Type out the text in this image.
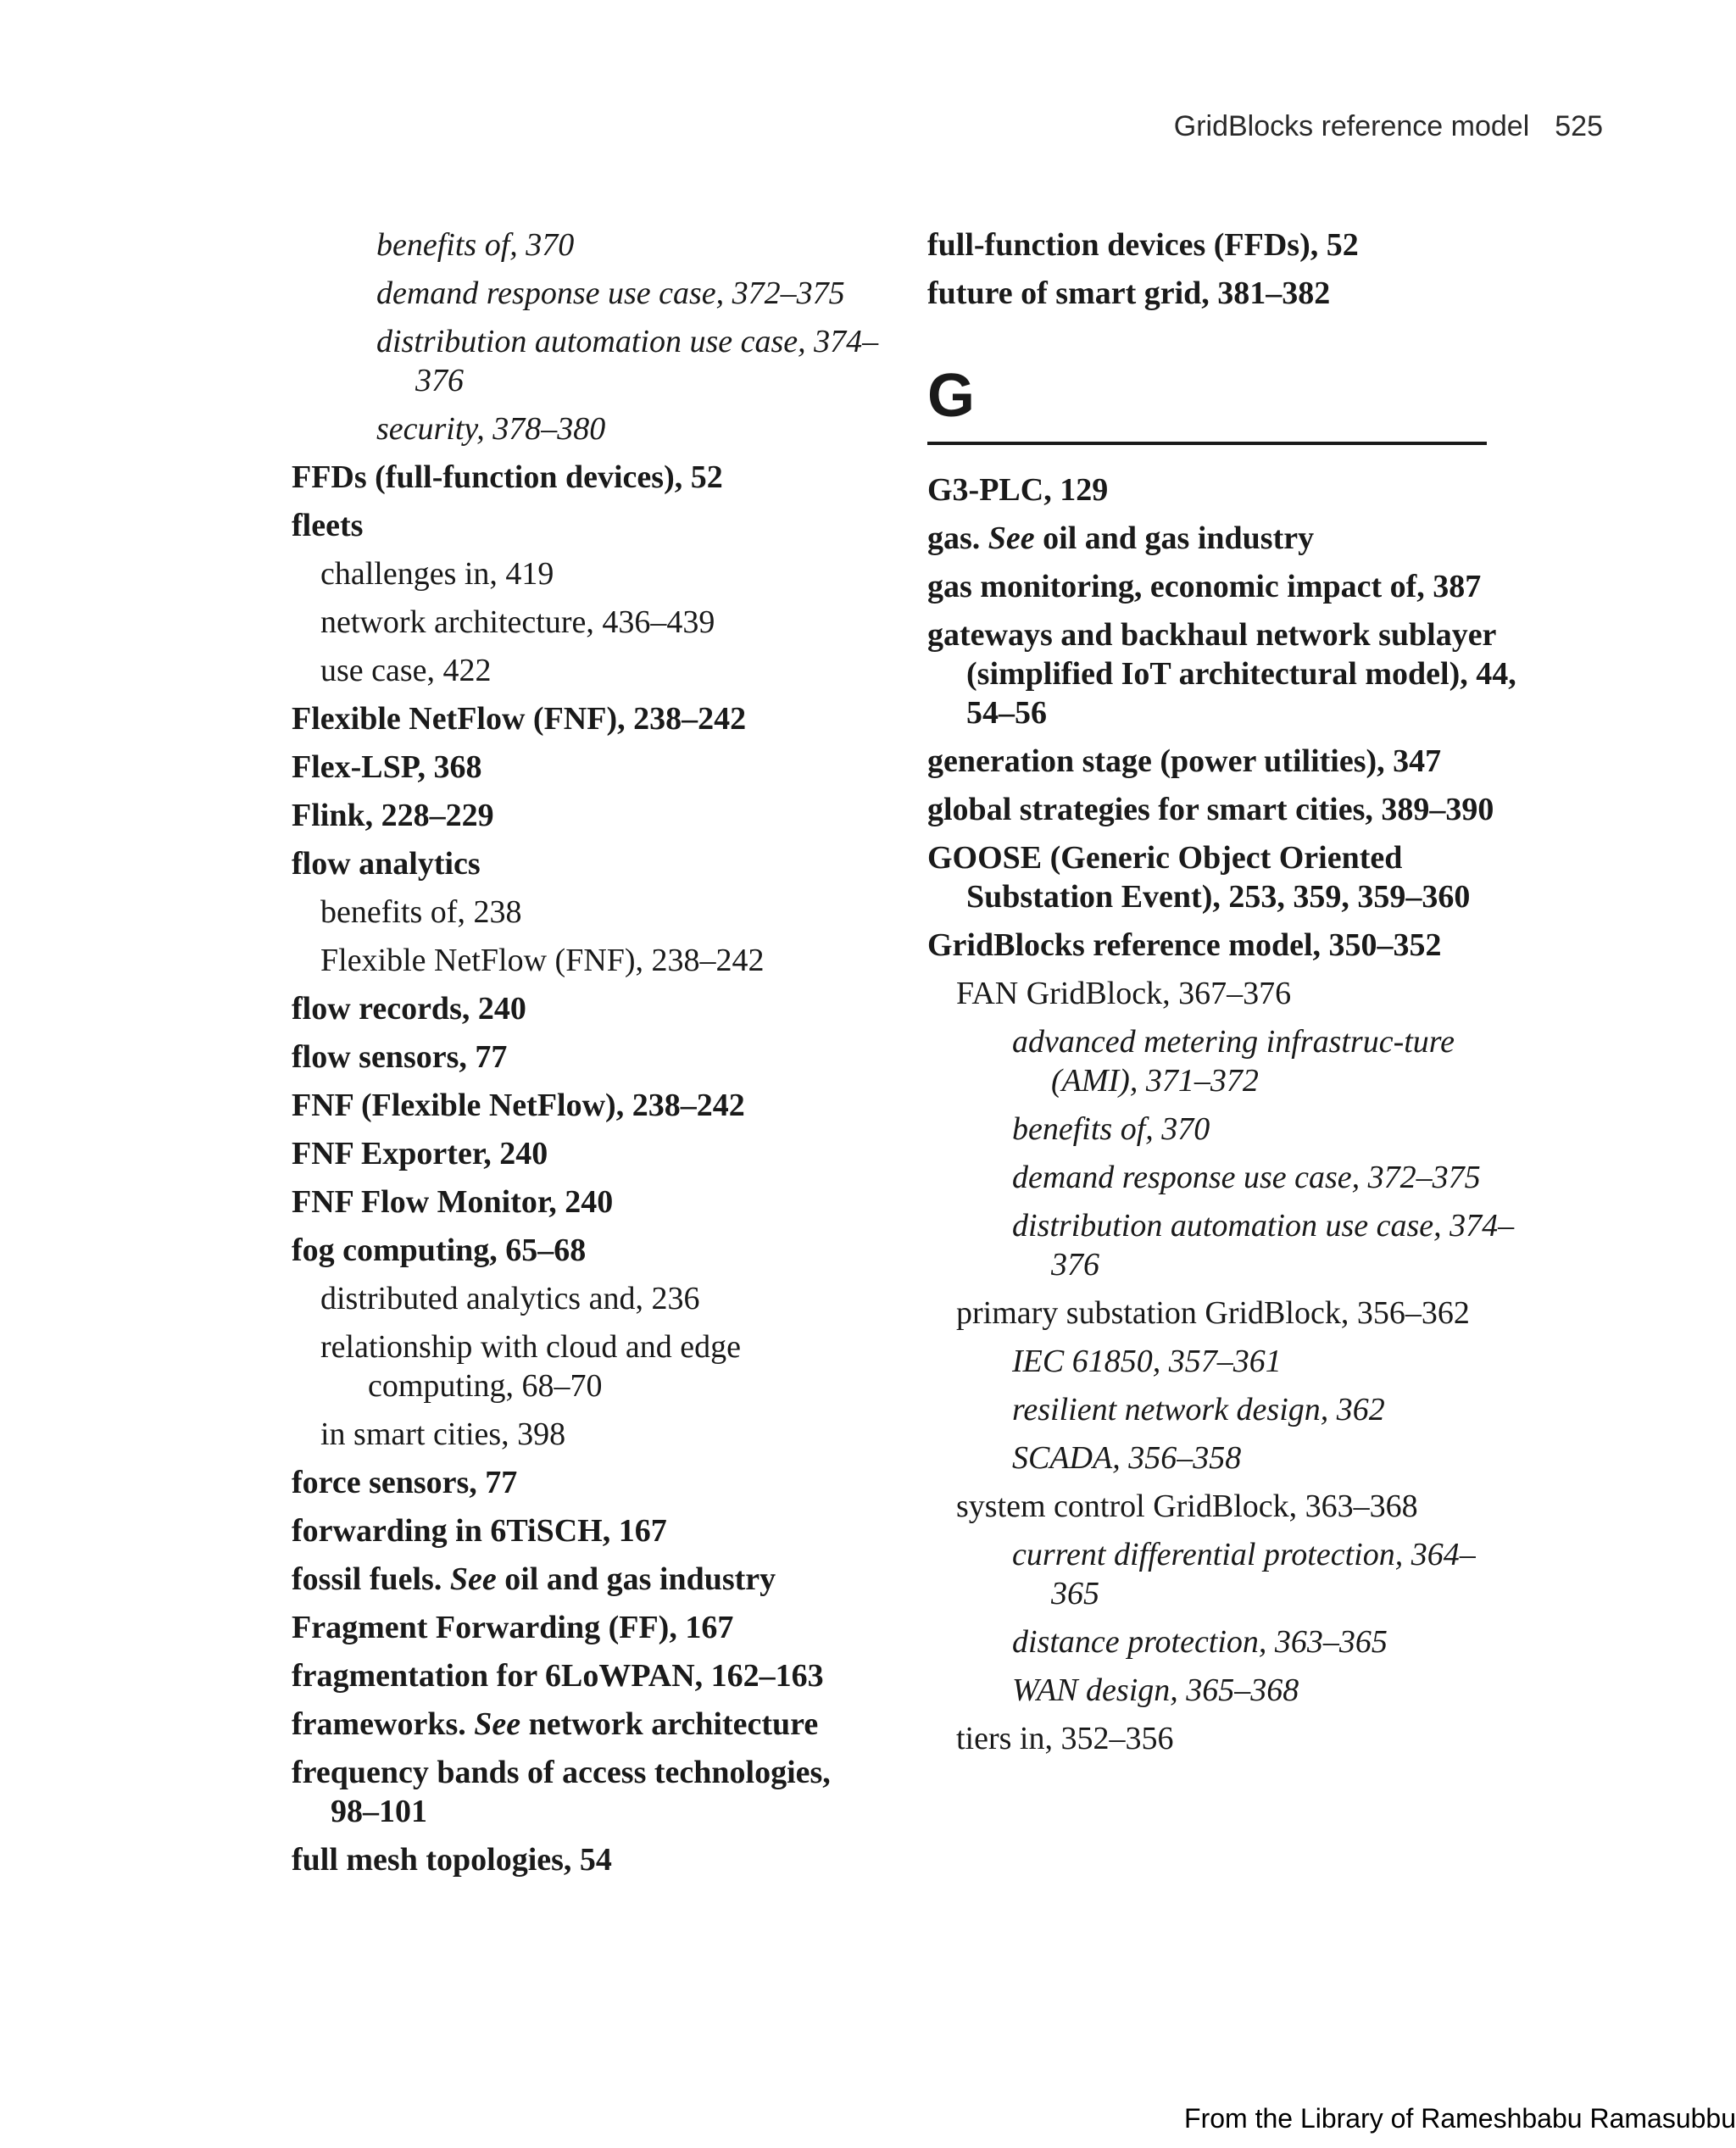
GridBlocks reference model 525
benefits of, 370
demand response use case, 372–375
distribution automation use case, 374–376
security, 378–380
FFDs (full-function devices), 52
fleets
challenges in, 419
network architecture, 436–439
use case, 422
Flexible NetFlow (FNF), 238–242
Flex-LSP, 368
Flink, 228–229
flow analytics
benefits of, 238
Flexible NetFlow (FNF), 238–242
flow records, 240
flow sensors, 77
FNF (Flexible NetFlow), 238–242
FNF Exporter, 240
FNF Flow Monitor, 240
fog computing, 65–68
distributed analytics and, 236
relationship with cloud and edge computing, 68–70
in smart cities, 398
force sensors, 77
forwarding in 6TiSCH, 167
fossil fuels. See oil and gas industry
Fragment Forwarding (FF), 167
fragmentation for 6LoWPAN, 162–163
frameworks. See network architecture
frequency bands of access technologies, 98–101
full mesh topologies, 54
full-function devices (FFDs), 52
future of smart grid, 381–382
G
G3-PLC, 129
gas. See oil and gas industry
gas monitoring, economic impact of, 387
gateways and backhaul network sublayer (simplified IoT architectural model), 44, 54–56
generation stage (power utilities), 347
global strategies for smart cities, 389–390
GOOSE (Generic Object Oriented Substation Event), 253, 359, 359–360
GridBlocks reference model, 350–352
FAN GridBlock, 367–376
advanced metering infrastruc-ture (AMI), 371–372
benefits of, 370
demand response use case, 372–375
distribution automation use case, 374–376
primary substation GridBlock, 356–362
IEC 61850, 357–361
resilient network design, 362
SCADA, 356–358
system control GridBlock, 363–368
current differential protection, 364–365
distance protection, 363–365
WAN design, 365–368
tiers in, 352–356
From the Library of Rameshbabu Ramasubbu
